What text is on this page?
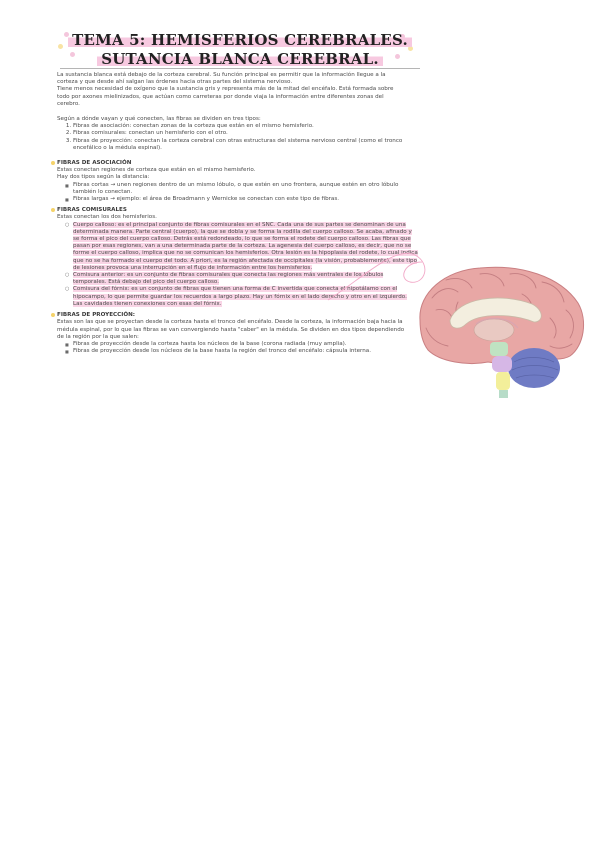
TEMA 5: HEMISFERIOS CEREBRALES.
SUTANCIA BLANCA CEREBRAL.

La sustancia blanca está debajo de la corteza cerebral. Su función principal es permitir que la información llegue a la corteza y que desde ahí salgan las órdenes hacia otras partes del sistema nervioso.

Tiene menos necesidad de oxígeno que la sustancia gris y representa más de la mitad del encéfalo. Está formada sobre todo por axones mielinizados, que actúan como carreteras por donde viaja la información entre diferentes zonas del cerebro.

Según a dónde vayan y qué conecten, las fibras se dividen en tres tipos:

1. Fibras de asociación: conectan zonas de la corteza que están en el mismo hemisferio.
2. Fibras comisurales: conectan un hemisferio con el otro.
3. Fibras de proyección: conectan la corteza cerebral con otras estructuras del sistema nervioso central (como el tronco encefálico o la médula espinal).

FIBRAS DE ASOCIACIÓN

Estas conectan regiones de corteza que están en el mismo hemisferio.

Hay dos tipos según la distancia:

■ Fibras cortas → unen regiones dentro de un mismo lóbulo, o que estén en uno frontera, aunque estén en otro lóbulo también lo conectan.
■ Fibras largas → ejemplo: el área de Broadmann y Wernicke se conectan con este tipo de fibras.

FIBRAS COMISURALES

Estas conectan los dos hemisferios.

○ Cuerpo calloso: es el principal conjunto de fibras comisurales en el SNC. Cada una de sus partes se denominan de una determinada manera. Parte central (cuerpo), la que se dobla y se forma la rodilla del cuerpo calloso. Se acaba, afinado y se forma el pico del cuerpo calloso. Detrás está redondeado, lo que se forma el rodete del cuerpo calloso. Las fibras que pasan por esas regiones, van a una determinada parte de la corteza. La agenesia del cuerpo calloso, es decir, que no se forme el cuerpo calloso, implica que no se comunican los hemisferios. Otra lesión es la hipoplasia del rodete, lo cual indica que no se ha formado el cuerpo del todo. A priori, es la región afectada de occipitales (la visión, probablemente), este tipo de lesiones provoca una interrupción en el flujo de información entre los hemisferios.
○ Comisura anterior: es un conjunto de fibras comisurales que conecta las regiones más ventrales de los lóbulos temporales. Está debajo del pico del cuerpo calloso.
○ Comisura del fórnix: es un conjunto de fibras que tienen una forma de C invertida que conecta el hipotálamo con el hipocampo, lo que permite guardar los recuerdos a largo plazo. Hay un fórnix en el lado derecho y otro en el izquierdo. Las cavidades tienen conexiones con esas del fórnix.

FIBRAS DE PROYECCIÓN:

Estas son las que se proyectan desde la corteza hasta el tronco del encéfalo. Desde la corteza, la información baja hacia la médula espinal, por lo que las fibras se van convergiendo hasta "caber" en la médula. Se dividen en dos tipos dependiendo de la región por la que salen:

■ Fibras de proyección desde la corteza hasta los núcleos de la base (corona radiada (muy amplia).
■ Fibras de proyección desde los núcleos de la base hasta la región del tronco del encéfalo: cápsula interna.
